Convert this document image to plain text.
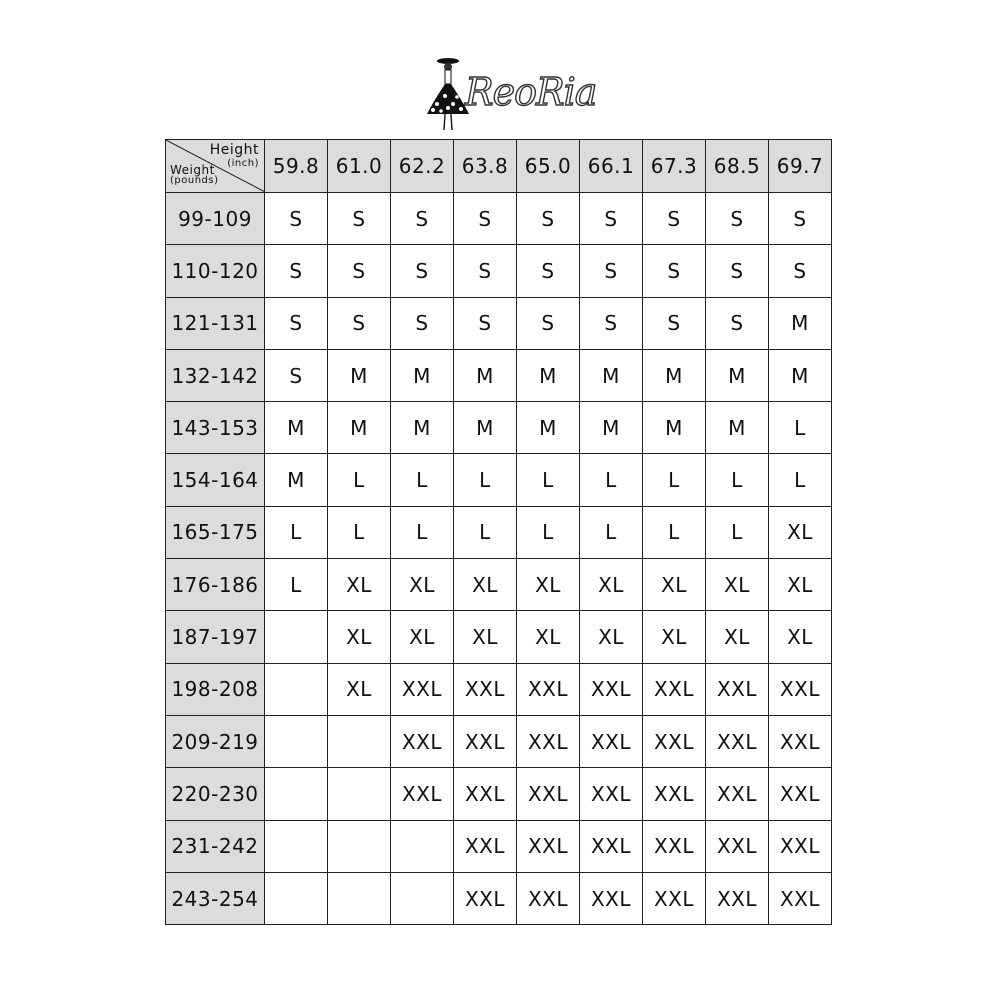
ReoRia
Height
(inch)
Weight
(pounds)	59.8	61.0	62.2	63.8	65.0	66.1	67.3	68.5	69.7
99-109	S	S	S	S	S	S	S	S	S
110-120	S	S	S	S	S	S	S	S	S
121-131	S	S	S	S	S	S	S	S	M
132-142	S	M	M	M	M	M	M	M	M
143-153	M	M	M	M	M	M	M	M	L
154-164	M	L	L	L	L	L	L	L	L
165-175	L	L	L	L	L	L	L	L	XL
176-186	L	XL	XL	XL	XL	XL	XL	XL	XL
187-197		XL	XL	XL	XL	XL	XL	XL	XL
198-208		XL	XXL	XXL	XXL	XXL	XXL	XXL	XXL
209-219			XXL	XXL	XXL	XXL	XXL	XXL	XXL
220-230			XXL	XXL	XXL	XXL	XXL	XXL	XXL
231-242				XXL	XXL	XXL	XXL	XXL	XXL
243-254				XXL	XXL	XXL	XXL	XXL	XXL
